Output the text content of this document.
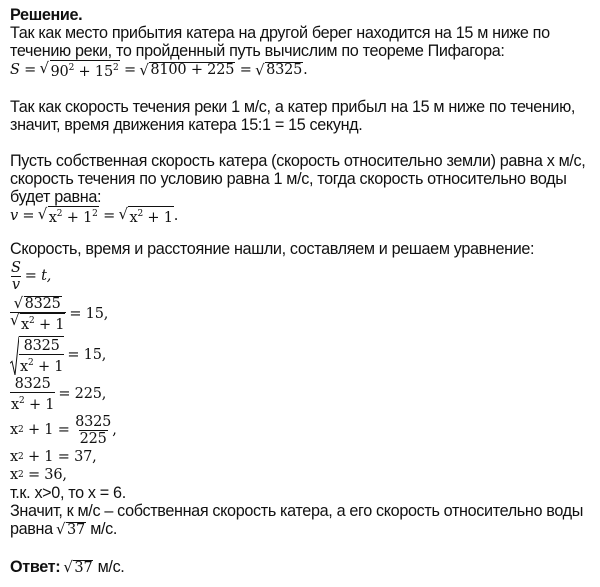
Решение.
Так как место прибытия катера на другой берег находится на 15 м ниже по
течению реки, то пройденный путь вычислим по теореме Пифагора:
S
=
√ $90^2 + 15^2$
=
√ 8100 + 225
=
√ 8325 .
Так как скорость течения реки 1 м/с, а катер прибыл на 15 м ниже по течению,
значит, время движения катера 15:1 = 15 секунд.
Пусть собственная скорость катера (скорость относительно земли) равна x м/с,
скорость течения по условию равна 1 м/с, тогда скорость относительно воды
будет равна:
v
=
√ $x^2 + 1^2$
=
√ $x^2 + 1$ .
Скорость, время и расстояние нашли, составляем и решаем уравнение:
$\frac{S}{v} = t$,
√ 8325
√ $x^2 + 1 = 15$,
$\frac{8325}{x^2 + 1} = 15$,
$\frac{8325}{x^2 + 1} = 225$,
x 2
+ 1 =
$\frac{8325}{225}$ ,
x 2
+ 1 = 37,
x 2
= 36,
т.к. x>0, то x = 6.
Значит, к м/с – собственная скорость катера, а его скорость относительно воды
равна √ 37 м/с.
Ответ: √ 37 м/с.
